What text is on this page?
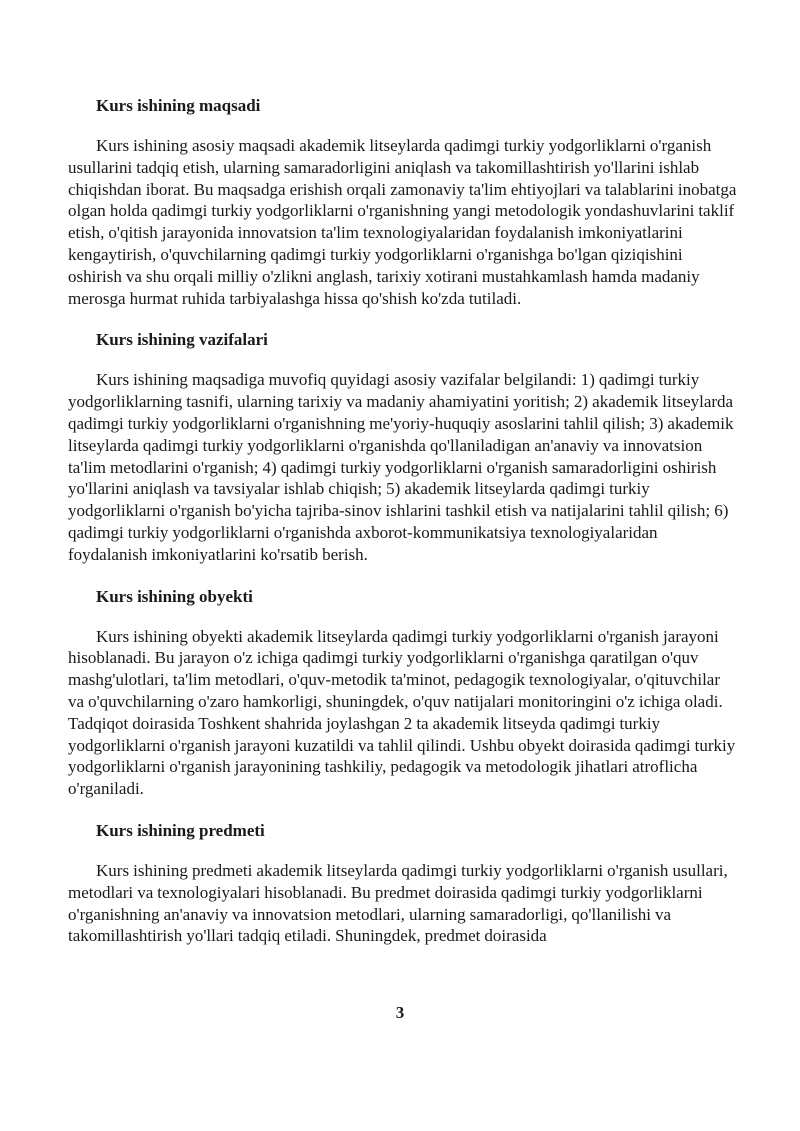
Kurs ishining maqsadi

Kurs ishining asosiy maqsadi akademik litseylarda qadimgi turkiy yodgorliklarni o'rganish usullarini tadqiq etish, ularning samaradorligini aniqlash va takomillashtirish yo'llarini ishlab chiqishdan iborat. Bu maqsadga erishish orqali zamonaviy ta'lim ehtiyojlari va talablarini inobatga olgan holda qadimgi turkiy yodgorliklarni o'rganishning yangi metodologik yondashuvlarini taklif etish, o'qitish jarayonida innovatsion ta'lim texnologiyalaridan foydalanish imkoniyatlarini kengaytirish, o'quvchilarning qadimgi turkiy yodgorliklarni o'rganishga bo'lgan qiziqishini oshirish va shu orqali milliy o'zlikni anglash, tarixiy xotirani mustahkamlash hamda madaniy merosga hurmat ruhida tarbiyalashga hissa qo'shish ko'zda tutiladi.

Kurs ishining vazifalari

Kurs ishining maqsadiga muvofiq quyidagi asosiy vazifalar belgilandi: 1) qadimgi turkiy yodgorliklarning tasnifi, ularning tarixiy va madaniy ahamiyatini yoritish; 2) akademik litseylarda qadimgi turkiy yodgorliklarni o'rganishning me'yoriy-huquqiy asoslarini tahlil qilish; 3) akademik litseylarda qadimgi turkiy yodgorliklarni o'rganishda qo'llaniladigan an'anaviy va innovatsion ta'lim metodlarini o'rganish; 4) qadimgi turkiy yodgorliklarni o'rganish samaradorligini oshirish yo'llarini aniqlash va tavsiyalar ishlab chiqish; 5) akademik litseylarda qadimgi turkiy yodgorliklarni o'rganish bo'yicha tajriba-sinov ishlarini tashkil etish va natijalarini tahlil qilish; 6) qadimgi turkiy yodgorliklarni o'rganishda axborot-kommunikatsiya texnologiyalaridan foydalanish imkoniyatlarini ko'rsatib berish.

Kurs ishining obyekti

Kurs ishining obyekti akademik litseylarda qadimgi turkiy yodgorliklarni o'rganish jarayoni hisoblanadi. Bu jarayon o'z ichiga qadimgi turkiy yodgorliklarni o'rganishga qaratilgan o'quv mashg'ulotlari, ta'lim metodlari, o'quv-metodik ta'minot, pedagogik texnologiyalar, o'qituvchilar va o'quvchilarning o'zaro hamkorligi, shuningdek, o'quv natijalari monitoringini o'z ichiga oladi. Tadqiqot doirasida Toshkent shahrida joylashgan 2 ta akademik litseyda qadimgi turkiy yodgorliklarni o'rganish jarayoni kuzatildi va tahlil qilindi. Ushbu obyekt doirasida qadimgi turkiy yodgorliklarni o'rganish jarayonining tashkiliy, pedagogik va metodologik jihatlari atroflicha o'rganiladi.

Kurs ishining predmeti

Kurs ishining predmeti akademik litseylarda qadimgi turkiy yodgorliklarni o'rganish usullari, metodlari va texnologiyalari hisoblanadi. Bu predmet doirasida qadimgi turkiy yodgorliklarni o'rganishning an'anaviy va innovatsion metodlari, ularning samaradorligi, qo'llanilishi va takomillashtirish yo'llari tadqiq etiladi. Shuningdek, predmet doirasida

3
